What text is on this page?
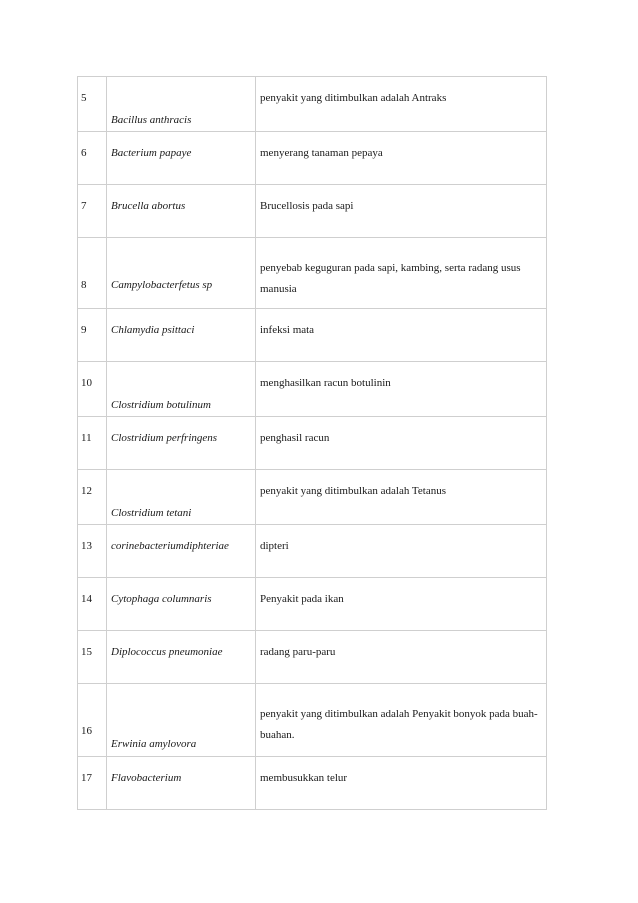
5	Bacillus anthracis	penyakit yang ditimbulkan adalah Antraks
6	Bacterium papaye	menyerang tanaman pepaya
7	Brucella abortus	Brucellosis pada sapi

8	Campylobacterfetus sp	penyebab keguguran pada sapi, kambing, serta radang usus manusia

9	Chlamydia psittaci	infeksi mata
10	Clostridium botulinum	menghasilkan racun botulinin
11	Clostridium perfringens	penghasil racun
12	Clostridium tetani	penyakit yang ditimbulkan adalah Tetanus
13	corinebacteriumdiphteriae	dipteri
14	Cytophaga columnaris	Penyakit pada ikan
15	Diplococcus pneumoniae	radang paru-paru

16	Erwinia amylovora	penyakit yang ditimbulkan adalah Penyakit bonyok pada buah-buahan.

17	Flavobacterium	membusukkan telur
